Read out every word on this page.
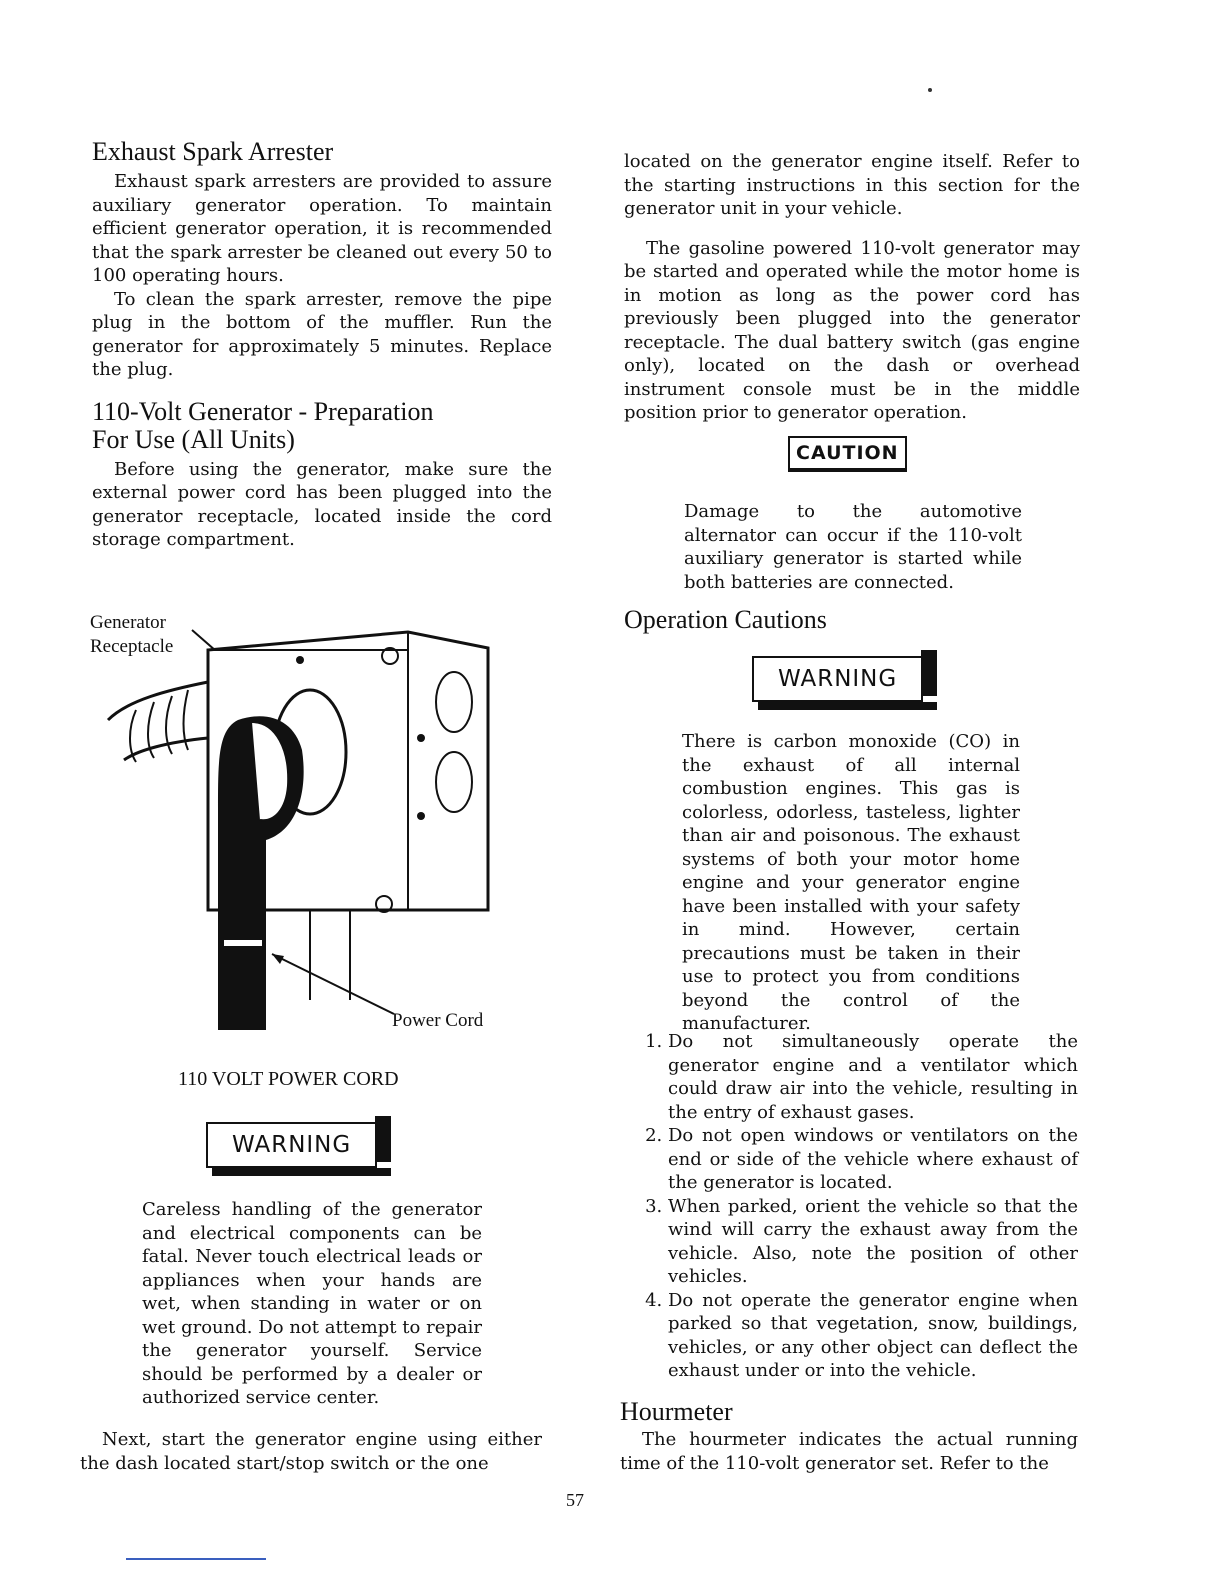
Exhaust Spark Arrester

Exhaust spark arresters are provided to assure auxiliary generator operation. To maintain efficient generator operation, it is recommended that the spark arrester be cleaned out every 50 to 100 operating hours.

To clean the spark arrester, remove the pipe plug in the bottom of the muffler. Run the generator for approximately 5 minutes. Replace the plug.

110-Volt Generator - Preparation
For Use (All Units)

Before using the generator, make sure the external power cord has been plugged into the generator receptacle, located inside the cord storage compartment.

Generator
Receptacle
Power Cord
110 VOLT POWER CORD
WARNING

Careless handling of the generator and electrical components can be fatal. Never touch electrical leads or appliances when your hands are wet, when standing in water or on wet ground. Do not attempt to repair the generator yourself. Service should be performed by a dealer or authorized service center.

Next, start the generator engine using either the dash located start/stop switch or the one

located on the generator engine itself. Refer to the starting instructions in this section for the generator unit in your vehicle.

The gasoline powered 110-volt generator may be started and operated while the motor home is in motion as long as the power cord has previously been plugged into the generator receptacle. The dual battery switch (gas engine only), located on the dash or overhead instrument console must be in the middle position prior to generator operation.

CAUTION

Damage to the automotive alternator can occur if the 110-volt auxiliary generator is started while both batteries are connected.

Operation Cautions
WARNING

There is carbon monoxide (CO) in the exhaust of all internal combustion engines. This gas is colorless, odorless, tasteless, lighter than air and poisonous. The exhaust systems of both your motor home engine and your generator engine have been installed with your safety in mind. However, certain precautions must be taken in their use to protect you from conditions beyond the control of the manufacturer.

1. Do not simultaneously operate the generator engine and a ventilator which could draw air into the vehicle, resulting in the entry of exhaust gases.
2. Do not open windows or ventilators on the end or side of the vehicle where exhaust of the generator is located.
3. When parked, orient the vehicle so that the wind will carry the exhaust away from the vehicle. Also, note the position of other vehicles.
4. Do not operate the generator engine when parked so that vegetation, snow, buildings, vehicles, or any other object can deflect the exhaust under or into the vehicle.
Hourmeter

The hourmeter indicates the actual running time of the 110-volt generator set. Refer to the

57
